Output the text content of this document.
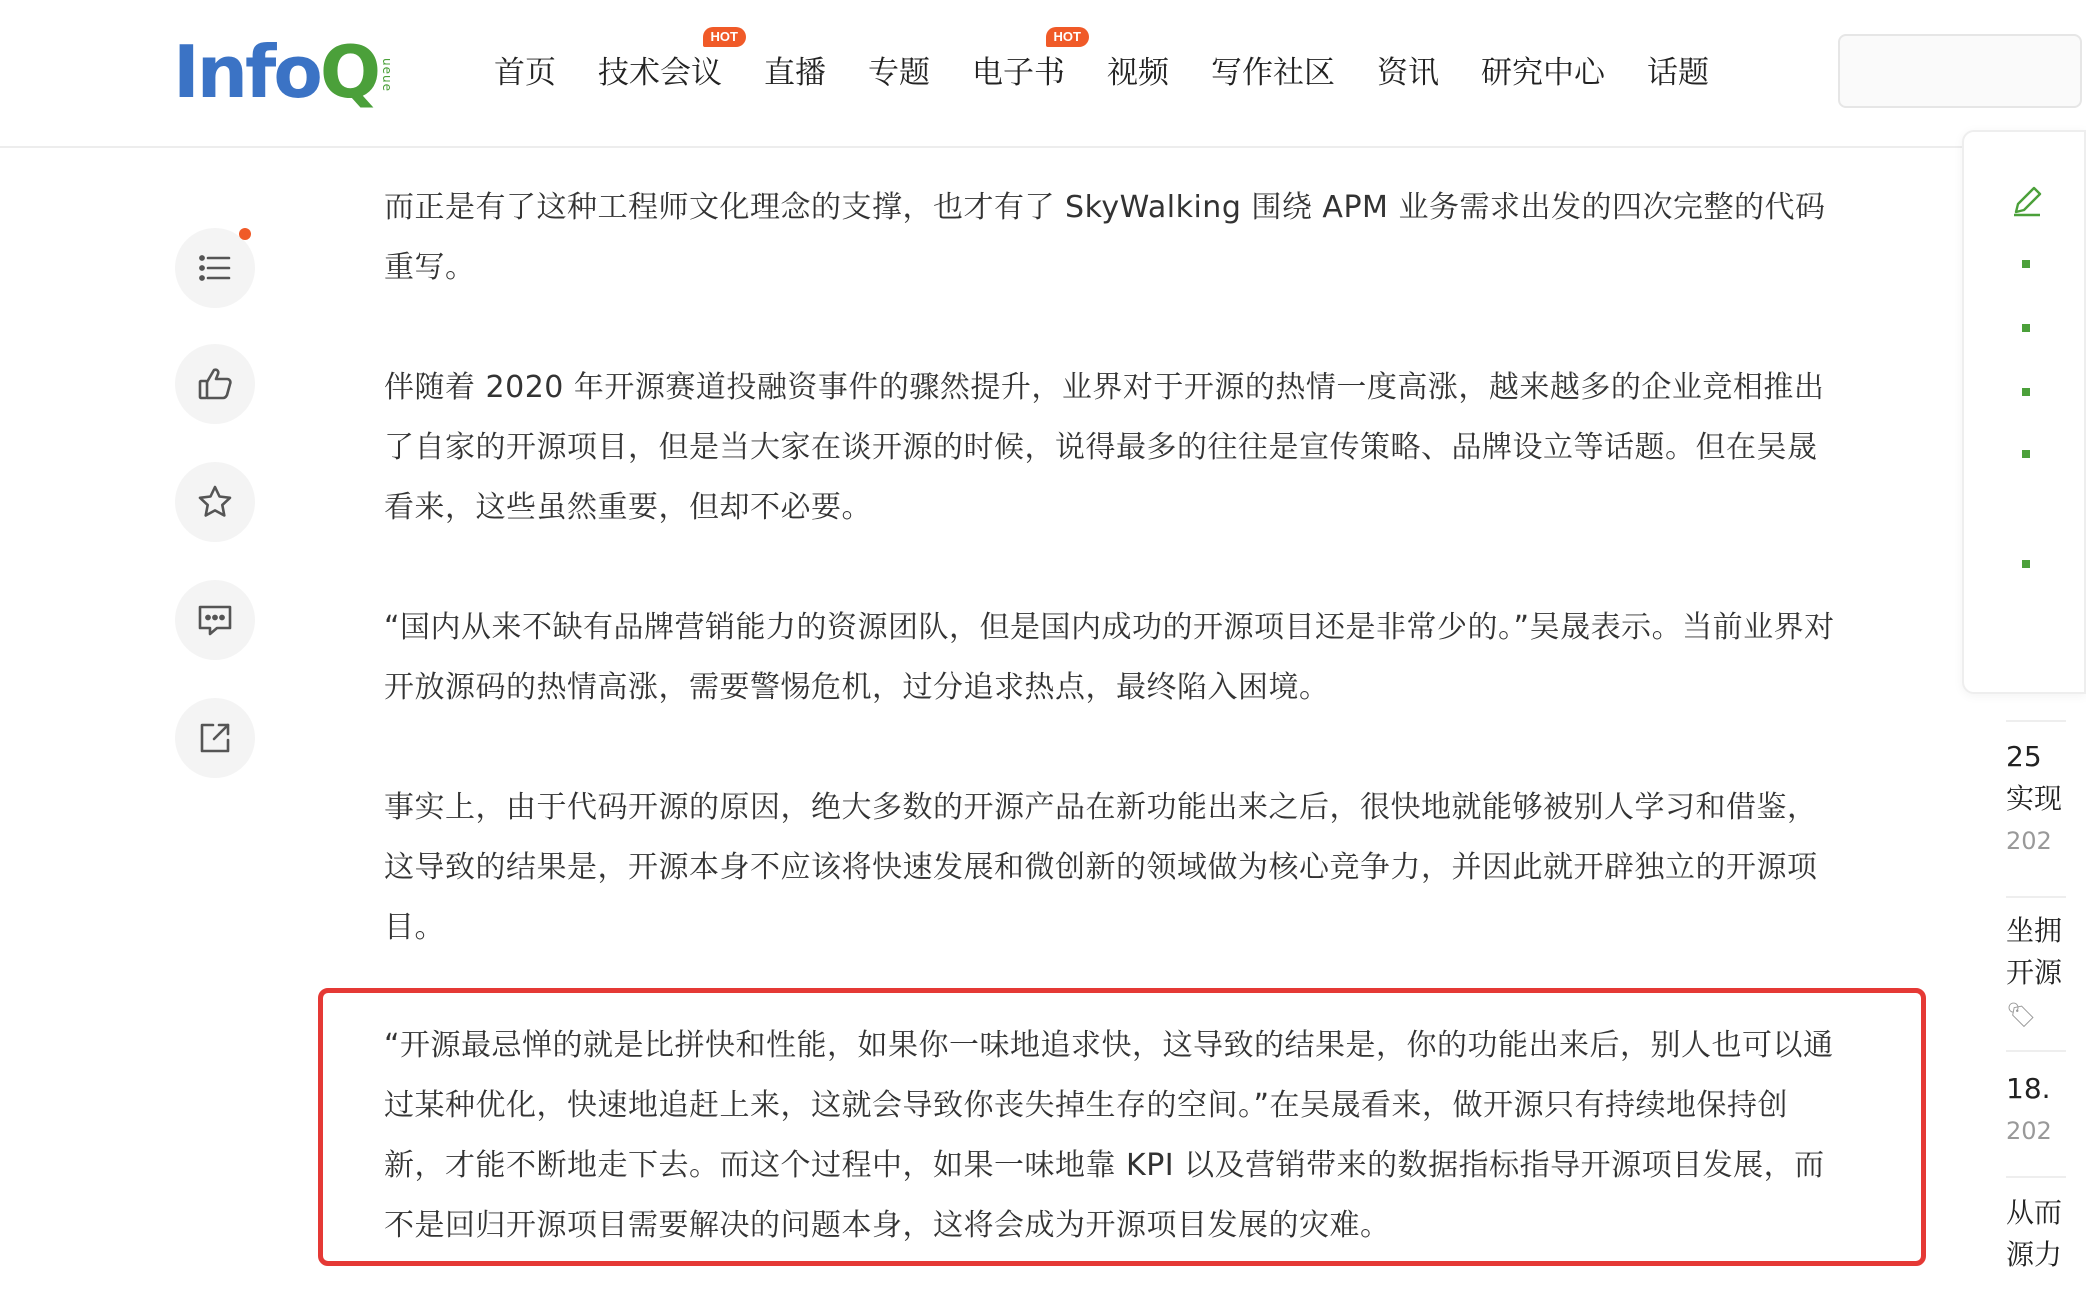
InfoQ ueue	首页 技术会议
HOT
直播 专题 电子书
HOT
视频 写作社区 资讯 研究中心 话题

而正是有了这种工程师文化理念的支撑，也才有了 SkyWalking 围绕 APM 业务需求出发的四次完整的代码重写。

伴随着 2020 年开源赛道投融资事件的骤然提升，业界对于开源的热情一度高涨，越来越多的企业竞相推出了自家的开源项目，但是当大家在谈开源的时候，说得最多的往往是宣传策略、品牌设立等话题。但在吴晟看来，这些虽然重要，但却不必要。

“国内从来不缺有品牌营销能力的资源团队，但是国内成功的开源项目还是非常少的。”吴晟表示。当前业界对开放源码的热情高涨，需要警惕危机，过分追求热点，最终陷入困境。

事实上，由于代码开源的原因，绝大多数的开源产品在新功能出来之后，很快地就能够被别人学习和借鉴，这导致的结果是，开源本身不应该将快速发展和微创新的领域做为核心竞争力，并因此就开辟独立的开源项目。

“开源最忌惮的就是比拼快和性能，如果你一味地追求快，这导致的结果是，你的功能出来后，别人也可以通过某种优化，快速地追赶上来，这就会导致你丧失掉生存的空间。”在吴晟看来，做开源只有持续地保持创新，才能不断地走下去。而这个过程中，如果一味地靠 KPI 以及营销带来的数据指标指导开源项目发展，而不是回归开源项目需要解决的问题本身，这将会成为开源项目发展的灾难。

25
实现
202
坐拥
开源
🏷
18.
202
从而
源力
